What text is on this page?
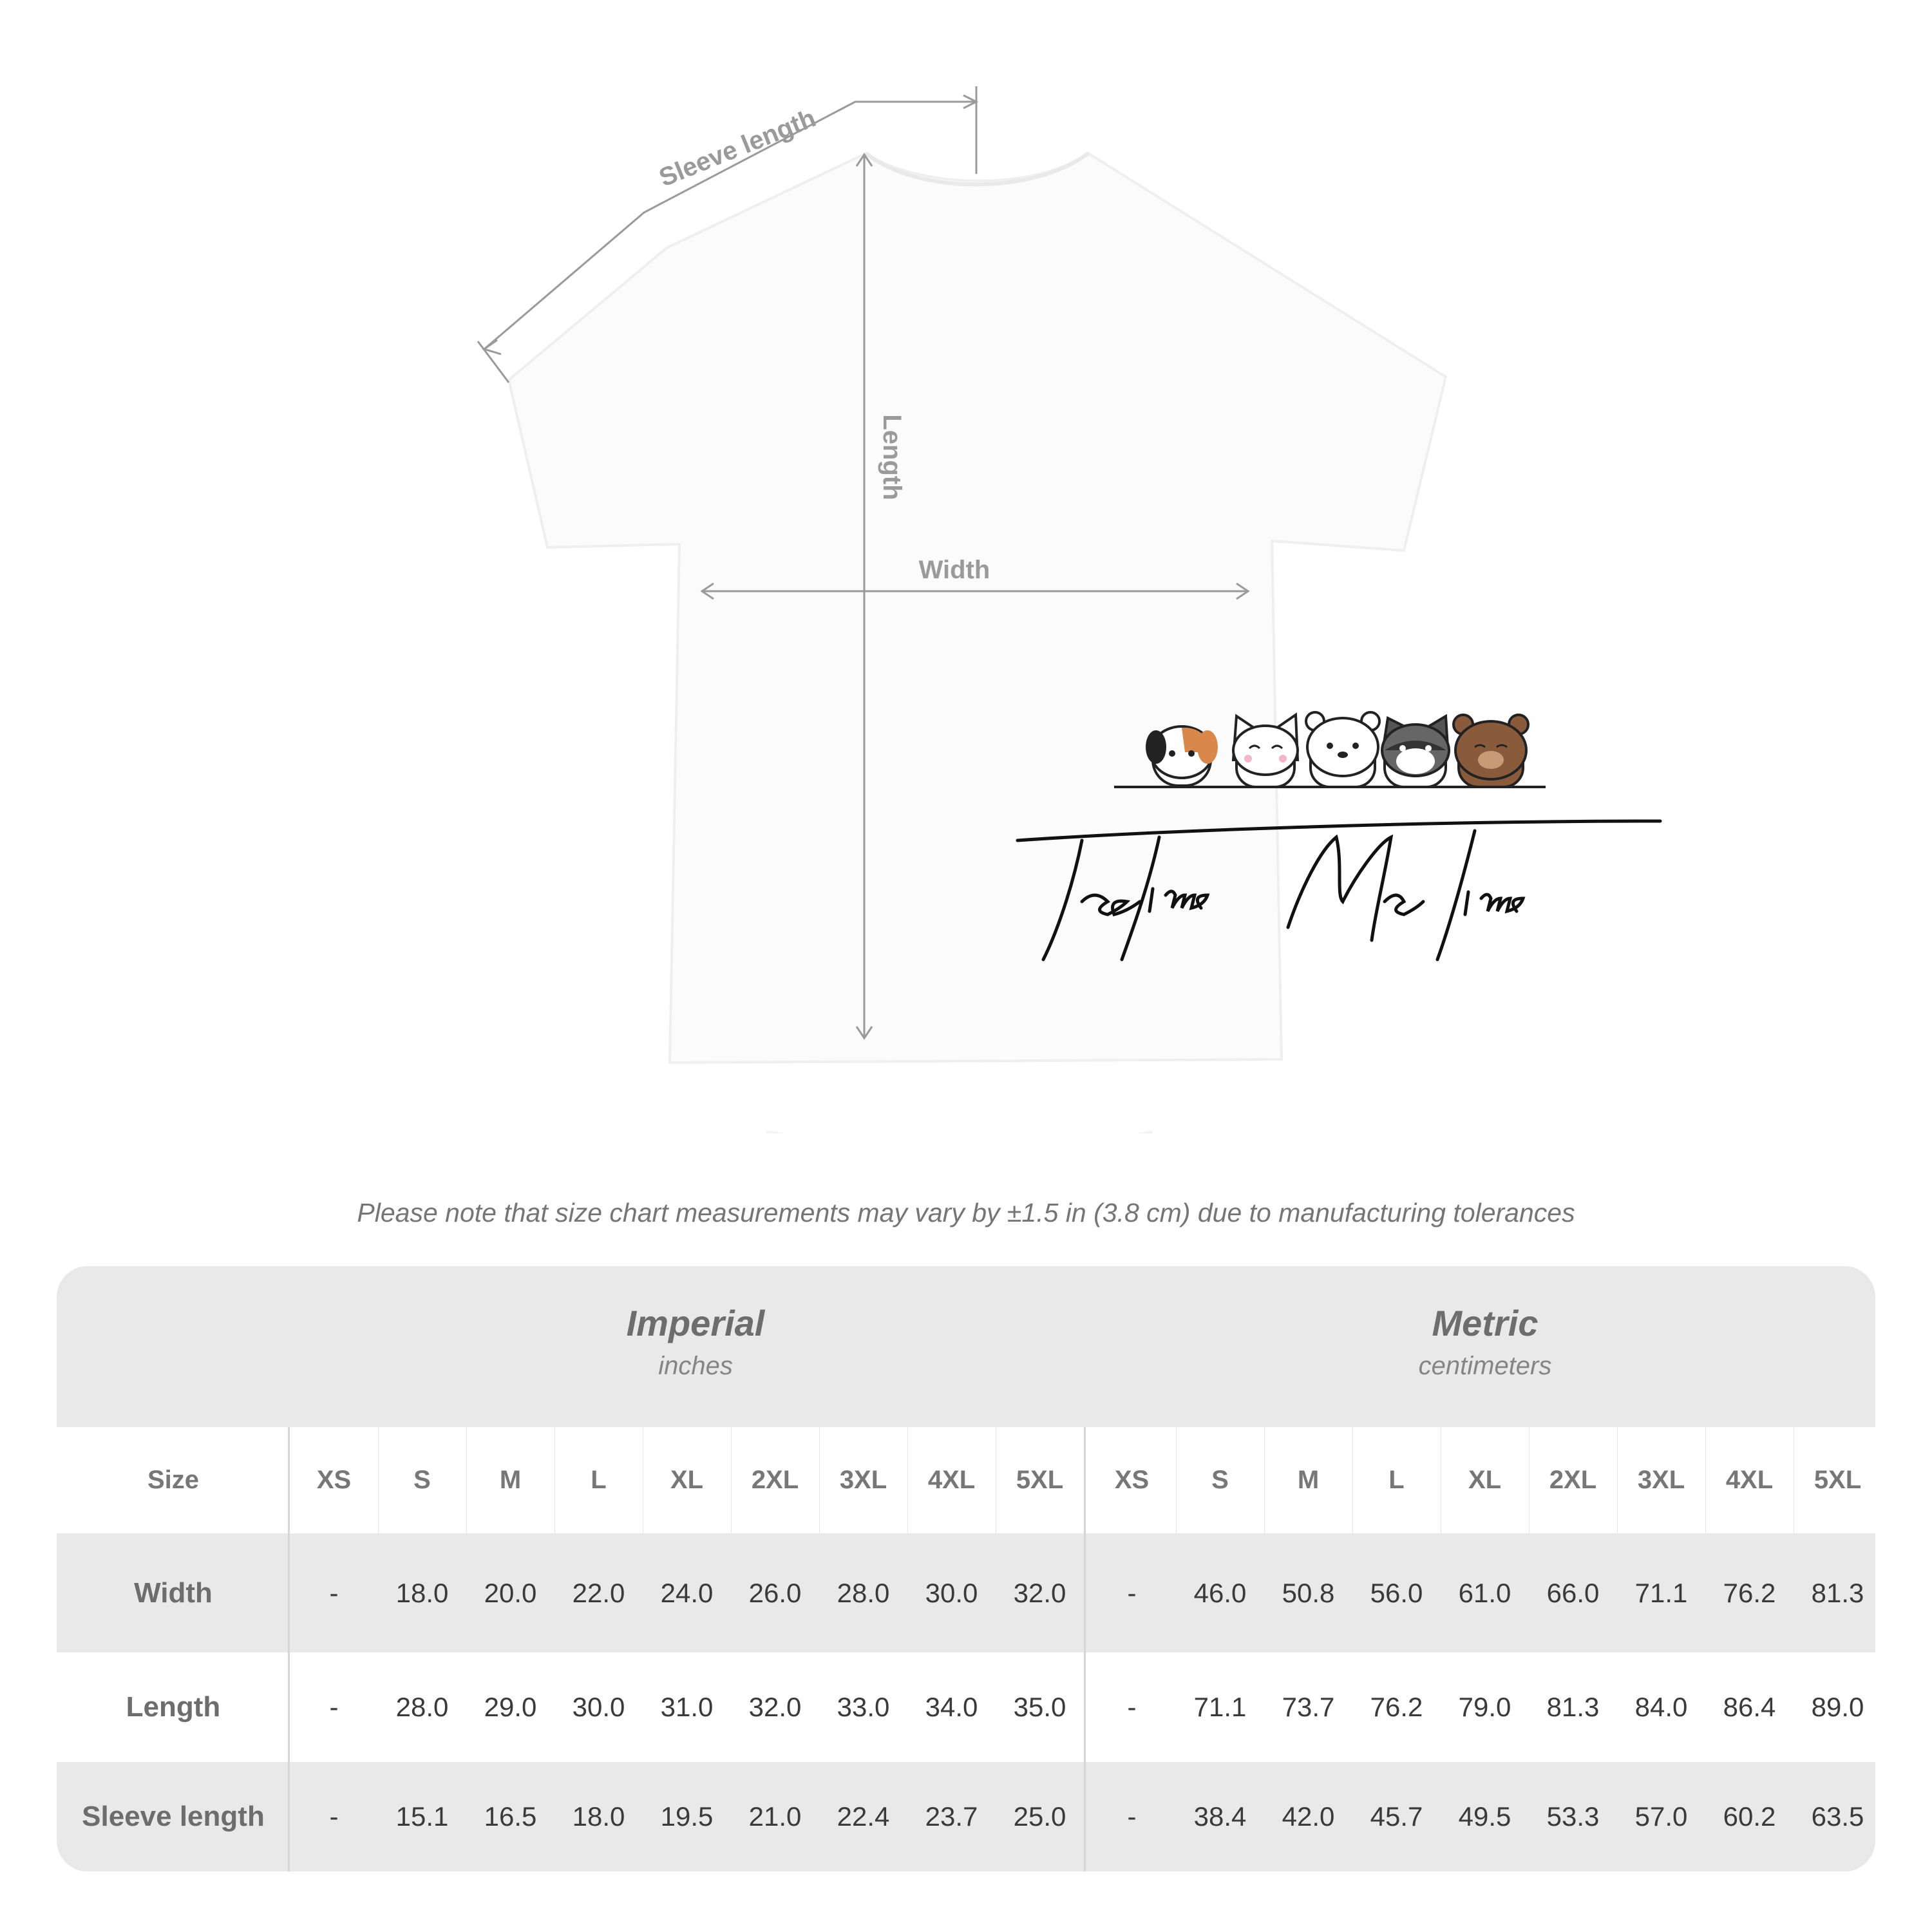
Sleeve length
Length
Width
Please note that size chart measurements may vary by ±1.5 in (3.8 cm) due to manufacturing tolerances
Imperial
inches
Metric
centimeters
Size	XS	S	M	L	XL	2XL	3XL	4XL	5XL	XS	S	M	L	XL	2XL	3XL	4XL	5XL
Width	-	18.0	20.0	22.0	24.0	26.0	28.0	30.0	32.0	-	46.0	50.8	56.0	61.0	66.0	71.1	76.2	81.3
Length	-	28.0	29.0	30.0	31.0	32.0	33.0	34.0	35.0	-	71.1	73.7	76.2	79.0	81.3	84.0	86.4	89.0
Sleeve length	-	15.1	16.5	18.0	19.5	21.0	22.4	23.7	25.0	-	38.4	42.0	45.7	49.5	53.3	57.0	60.2	63.5
